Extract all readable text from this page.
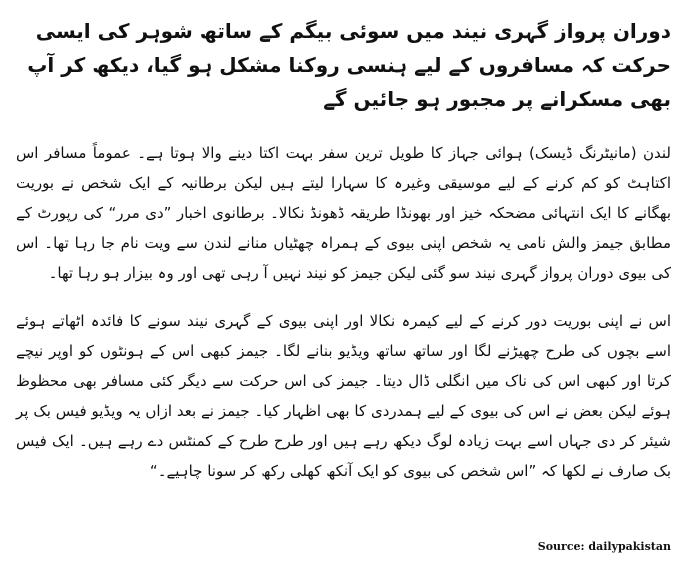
دوران پرواز گہری نیند میں سوئی بیگم کے ساتھ شوہر کی ایسی حرکت کہ مسافروں کے لیے ہنسی روکنا مشکل ہو گیا، دیکھ کر آپ بھی مسکرانے پر مجبور ہو جائیں گے
لندن (مانیٹرنگ ڈیسک) ہوائی جہاز کا طویل ترین سفر بہت اکتا دینے والا ہوتا ہے۔ عموماً مسافر اس اکتاہٹ کو کم کرنے کے لیے موسیقی وغیرہ کا سہارا لیتے ہیں لیکن برطانیہ کے ایک شخص نے بوریت بھگانے کا ایک انتہائی مضحکہ خیز اور بھونڈا طریقہ ڈھونڈ نکالا۔ برطانوی اخبار ”دی مرر“ کی رپورٹ کے مطابق جیمز والش نامی یہ شخص اپنی بیوی کے ہمراہ چھٹیاں منانے لندن سے ویت نام جا رہا تھا۔ اس کی بیوی دوران پرواز گہری نیند سو گئی لیکن جیمز کو نیند نہیں آ رہی تھی اور وہ بیزار ہو رہا تھا۔
اس نے اپنی بوریت دور کرنے کے لیے کیمرہ نکالا اور اپنی بیوی کے گہری نیند سونے کا فائدہ اٹھاتے ہوئے اسے بچوں کی طرح چھیڑنے لگا اور ساتھ ساتھ ویڈیو بنانے لگا۔ جیمز کبھی اس کے ہونٹوں کو اوپر نیچے کرتا اور کبھی اس کی ناک میں انگلی ڈال دیتا۔ جیمز کی اس حرکت سے دیگر کئی مسافر بھی محظوظ ہوئے لیکن بعض نے اس کی بیوی کے لیے ہمدردی کا بھی اظہار کیا۔ جیمز نے بعد ازاں یہ ویڈیو فیس بک پر شیئر کر دی جہاں اسے بہت زیادہ لوگ دیکھ رہے ہیں اور طرح طرح کے کمنٹس دے رہے ہیں۔ ایک فیس بک صارف نے لکھا کہ ”اس شخص کی بیوی کو ایک آنکھ کھلی رکھ کر سونا چاہیے۔“
Source: dailypakistan
